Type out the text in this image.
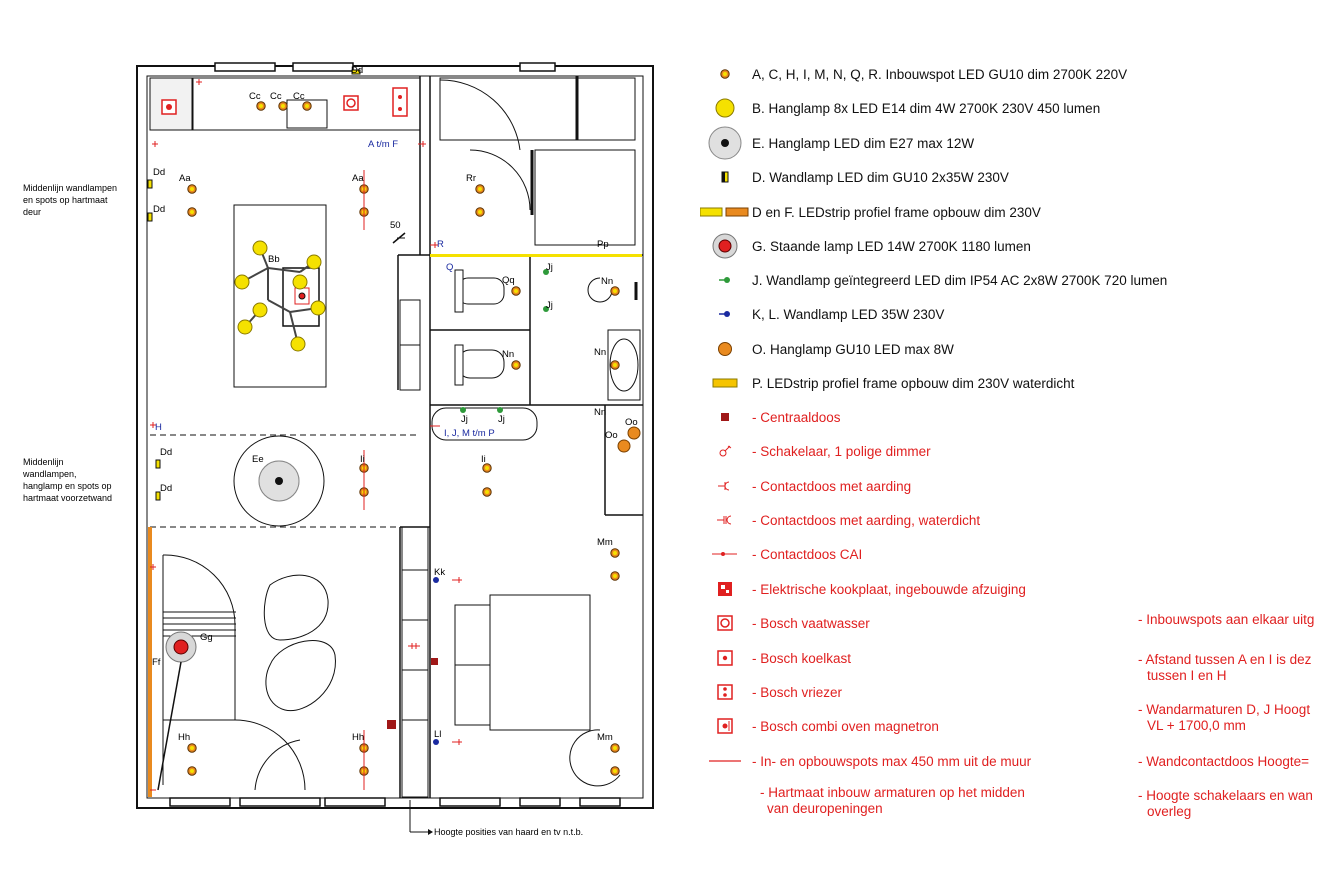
50
Dd
Cc Cc Cc
A t/m F
Dd
Dd
Aa	Aa
Bb
Rr
R	Pp
Q
Qq
Jj
Jj
Jj	Jj
Nn
Nn	Nn
Nn
Oo
Oo
I, J, M t/m P
H
Dd
Dd
Ee	Ii	Ii
Mm
Mm
Kk
Ll
Gg
Ff
Hh	Hh
Middenlijn wandlampen
en spots op hartmaat
deur
Middenlijn
wandlampen,
hanglamp en spots op
hartmaat voorzetwand
Hoogte posities van haard en tv n.t.b.
A, C, H, I, M, N, Q, R. Inbouwspot LED GU10 dim 2700K 220V
B. Hanglamp 8x LED E14 dim 4W 2700K 230V 450 lumen
E. Hanglamp LED dim E27 max 12W
D. Wandlamp LED dim GU10 2x35W 230V
D en F. LEDstrip profiel frame opbouw dim 230V
G. Staande lamp LED 14W 2700K 1180 lumen
J. Wandlamp geïntegreerd LED dim IP54 AC 2x8W 2700K 720 lumen
K, L. Wandlamp LED 35W 230V
O. Hanglamp GU10 LED max 8W
P. LEDstrip profiel frame opbouw dim 230V waterdicht
- Centraaldoos
- Schakelaar, 1 polige dimmer
- Contactdoos met aarding
- Contactdoos met aarding, waterdicht
- Contactdoos CAI
- Elektrische kookplaat, ingebouwde afzuiging
- Bosch vaatwasser
- Bosch koelkast
- Bosch vriezer
- Bosch combi oven magnetron
- In- en opbouwspots max 450 mm uit de muur
- Hartmaat inbouw armaturen op het midden
van deuropeningen
- Inbouwspots aan elkaar uitg
- Afstand tussen A en I is dez
tussen I en H
- Wandarmaturen D, J Hoogt
VL + 1700,0 mm
- Wandcontactdoos Hoogte=
- Hoogte schakelaars en wan
overleg
